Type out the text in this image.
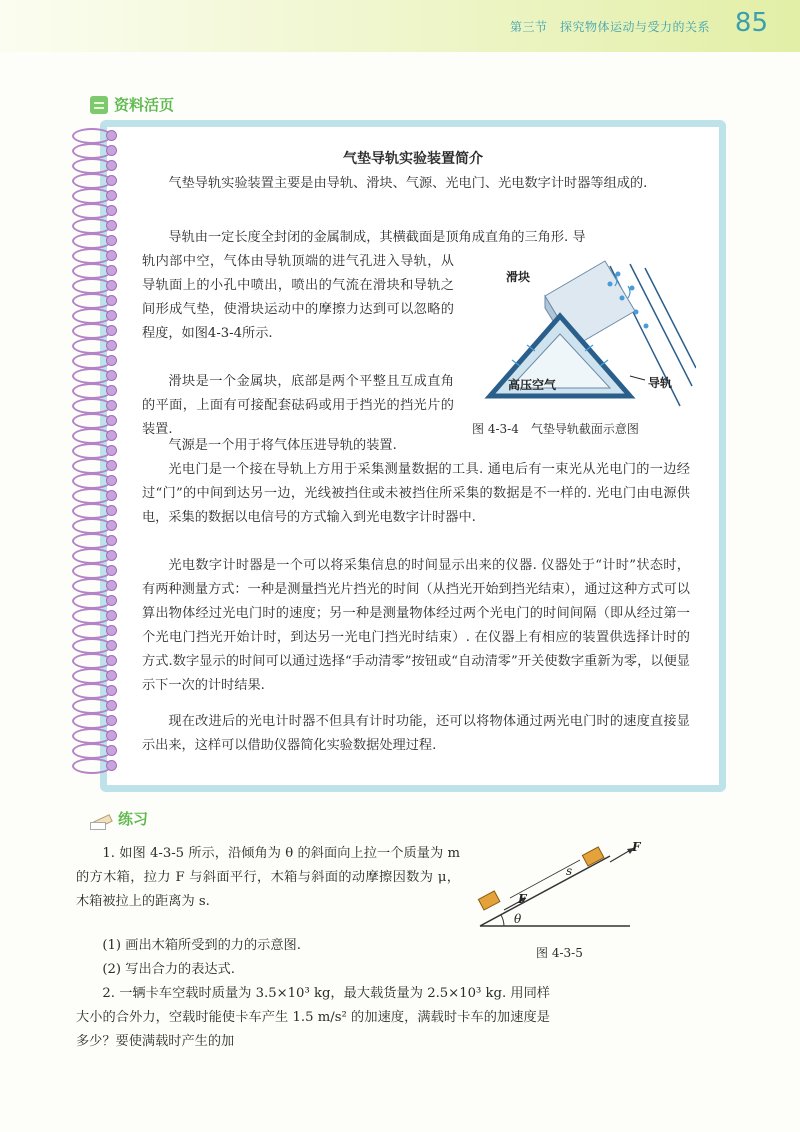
第三节　探究物体运动与受力的关系 85
资料活页
气垫导轨实验装置简介

气垫导轨实验装置主要是由导轨、滑块、气源、光电门、光电数字计时器等组成的.

导轨由一定长度全封闭的金属制成，其横截面是顶角成直角的三角形. 导

轨内部中空，气体由导轨顶端的进气孔进入导轨，从导轨面上的小孔中喷出，喷出的气流在滑块和导轨之间形成气垫，使滑块运动中的摩擦力达到可以忽略的程度，如图4-3-4所示.

滑块是一个金属块，底部是两个平整且互成直角的平面，上面有可接配套砝码或用于挡光的挡光片的装置.

气源是一个用于将气体压进导轨的装置.

光电门是一个接在导轨上方用于采集测量数据的工具. 通电后有一束光从光电门的一边经过“门”的中间到达另一边，光线被挡住或未被挡住所采集的数据是不一样的. 光电门由电源供电，采集的数据以电信号的方式输入到光电数字计时器中.

光电数字计时器是一个可以将采集信息的时间显示出来的仪器. 仪器处于“计时”状态时，有两种测量方式：一种是测量挡光片挡光的时间（从挡光开始到挡光结束），通过这种方式可以算出物体经过光电门时的速度；另一种是测量物体经过两个光电门的时间间隔（即从经过第一个光电门挡光开始计时，到达另一光电门挡光时结束）. 在仪器上有相应的装置供选择计时的方式.数字显示的时间可以通过选择“手动清零”按钮或“自动清零”开关使数字重新为零，以便显示下一次的计时结果.

现在改进后的光电计时器不但具有计时功能，还可以将物体通过两光电门时的速度直接显示出来，这样可以借助仪器简化实验数据处理过程.

滑块
高压空气	导轨
图 4-3-4　气垫导轨截面示意图
练习

1. 如图 4-3-5 所示，沿倾角为 θ 的斜面向上拉一个质量为 m 的方木箱，拉力 F 与斜面平行，木箱与斜面的动摩擦因数为 μ，木箱被拉上的距离为 s.

(1) 画出木箱所受到的力的示意图.

(2) 写出合力的表达式.

2. 一辆卡车空载时质量为 3.5×10³ kg，最大载货量为 2.5×10³ kg. 用同样大小的合外力，空载时能使卡车产生 1.5 m/s² 的加速度，满载时卡车的加速度是多少？要使满载时产生的加

F
s
F
θ
图 4-3-5
